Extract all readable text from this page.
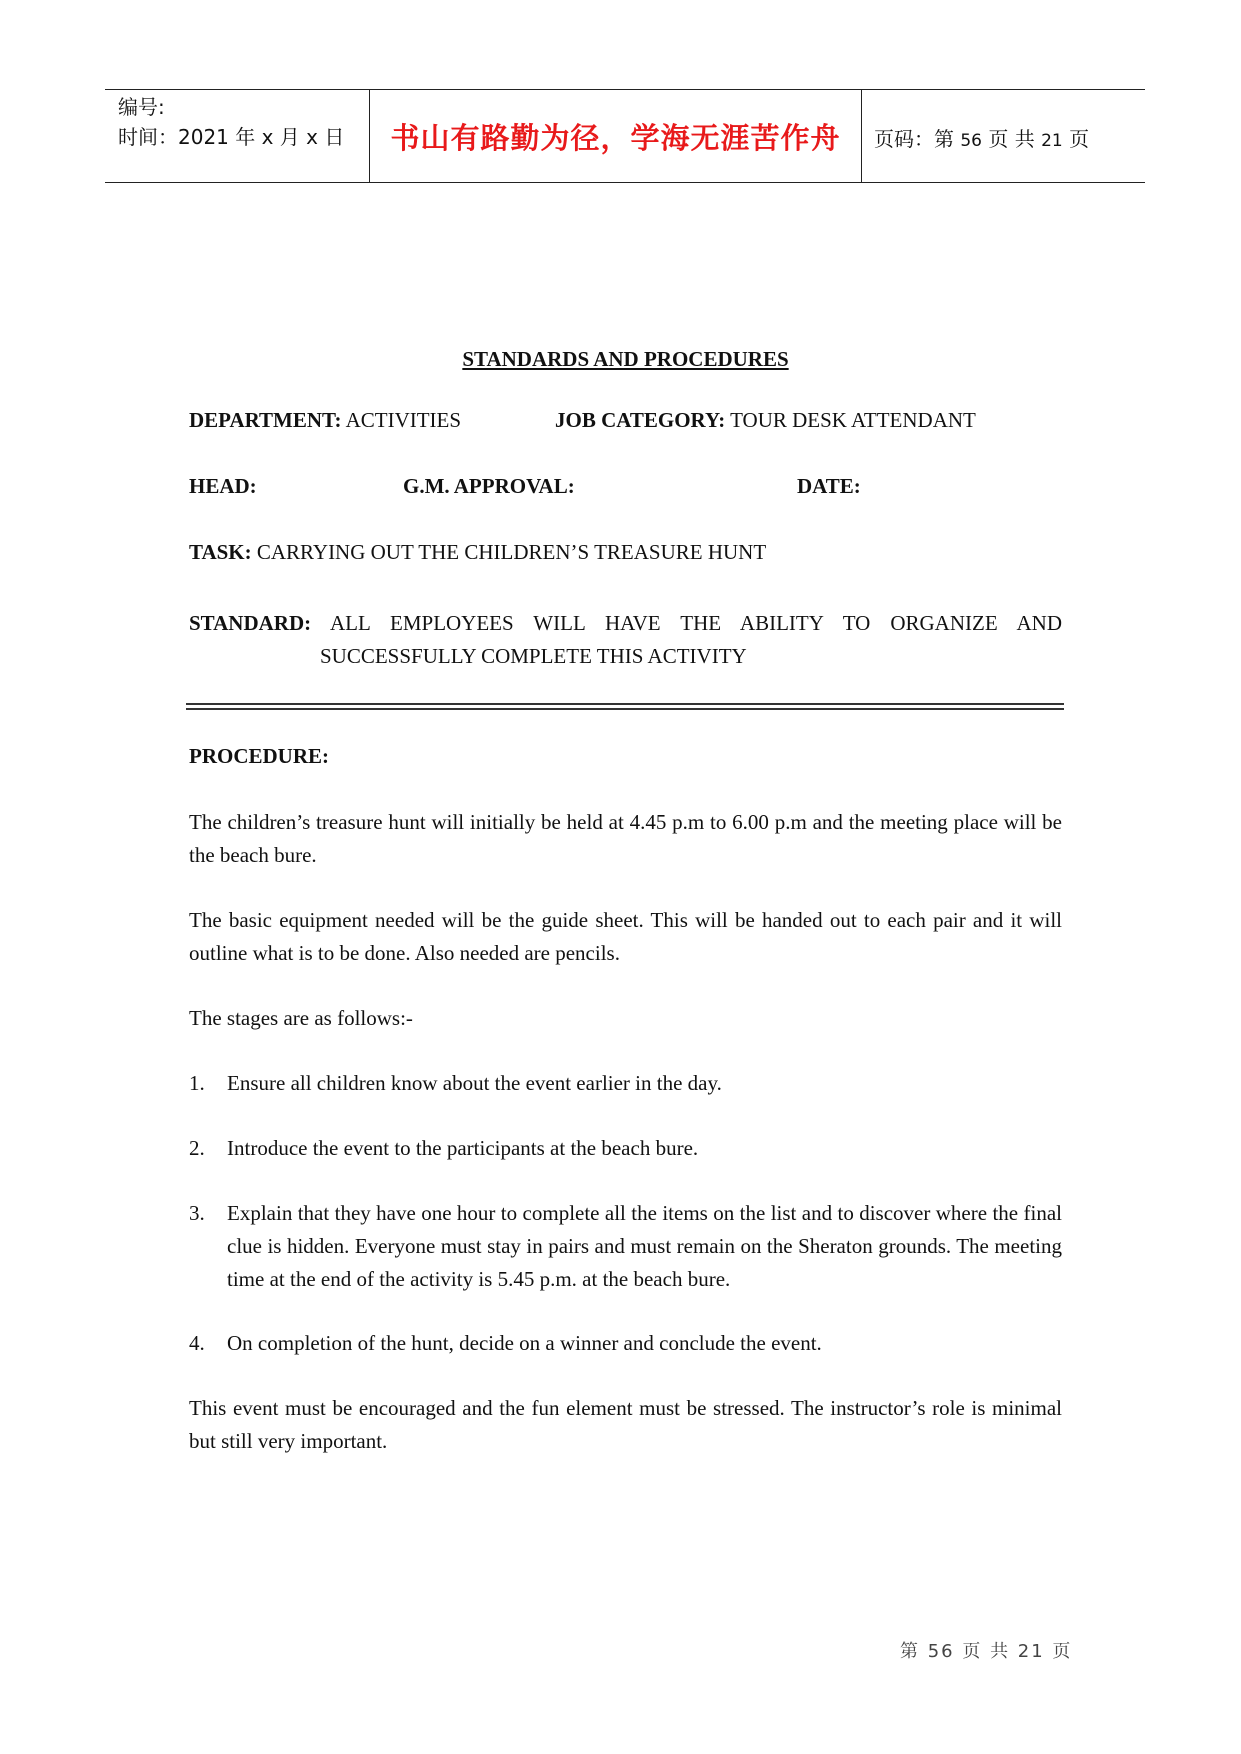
编号:
时间：2021 年 x 月 x 日	书山有路勤为径，学海无涯苦作舟	页码：第 56 页 共 21 页
STANDARDS AND PROCEDURES
DEPARTMENT: ACTIVITIES	JOB CATEGORY: TOUR DESK ATTENDANT
HEAD:	G.M. APPROVAL:	DATE:
TASK: CARRYING OUT THE CHILDREN’S TREASURE HUNT
STANDARD: ALL EMPLOYEES WILL HAVE THE ABILITY TO ORGANIZE AND
SUCCESSFULLY COMPLETE THIS ACTIVITY
PROCEDURE:
The children’s treasure hunt will initially be held at 4.45 p.m to 6.00 p.m and the meeting place will be the beach bure.
The basic equipment needed will be the guide sheet. This will be handed out to each pair and it will outline what is to be done. Also needed are pencils.
The stages are as follows:-
1. Ensure all children know about the event earlier in the day.
2. Introduce the event to the participants at the beach bure.
3. Explain that they have one hour to complete all the items on the list and to discover where the final clue is hidden. Everyone must stay in pairs and must remain on the Sheraton grounds. The meeting time at the end of the activity is 5.45 p.m. at the beach bure.
4. On completion of the hunt, decide on a winner and conclude the event.
This event must be encouraged and the fun element must be stressed. The instructor’s role is minimal but still very important.
第 56 页 共 21 页
